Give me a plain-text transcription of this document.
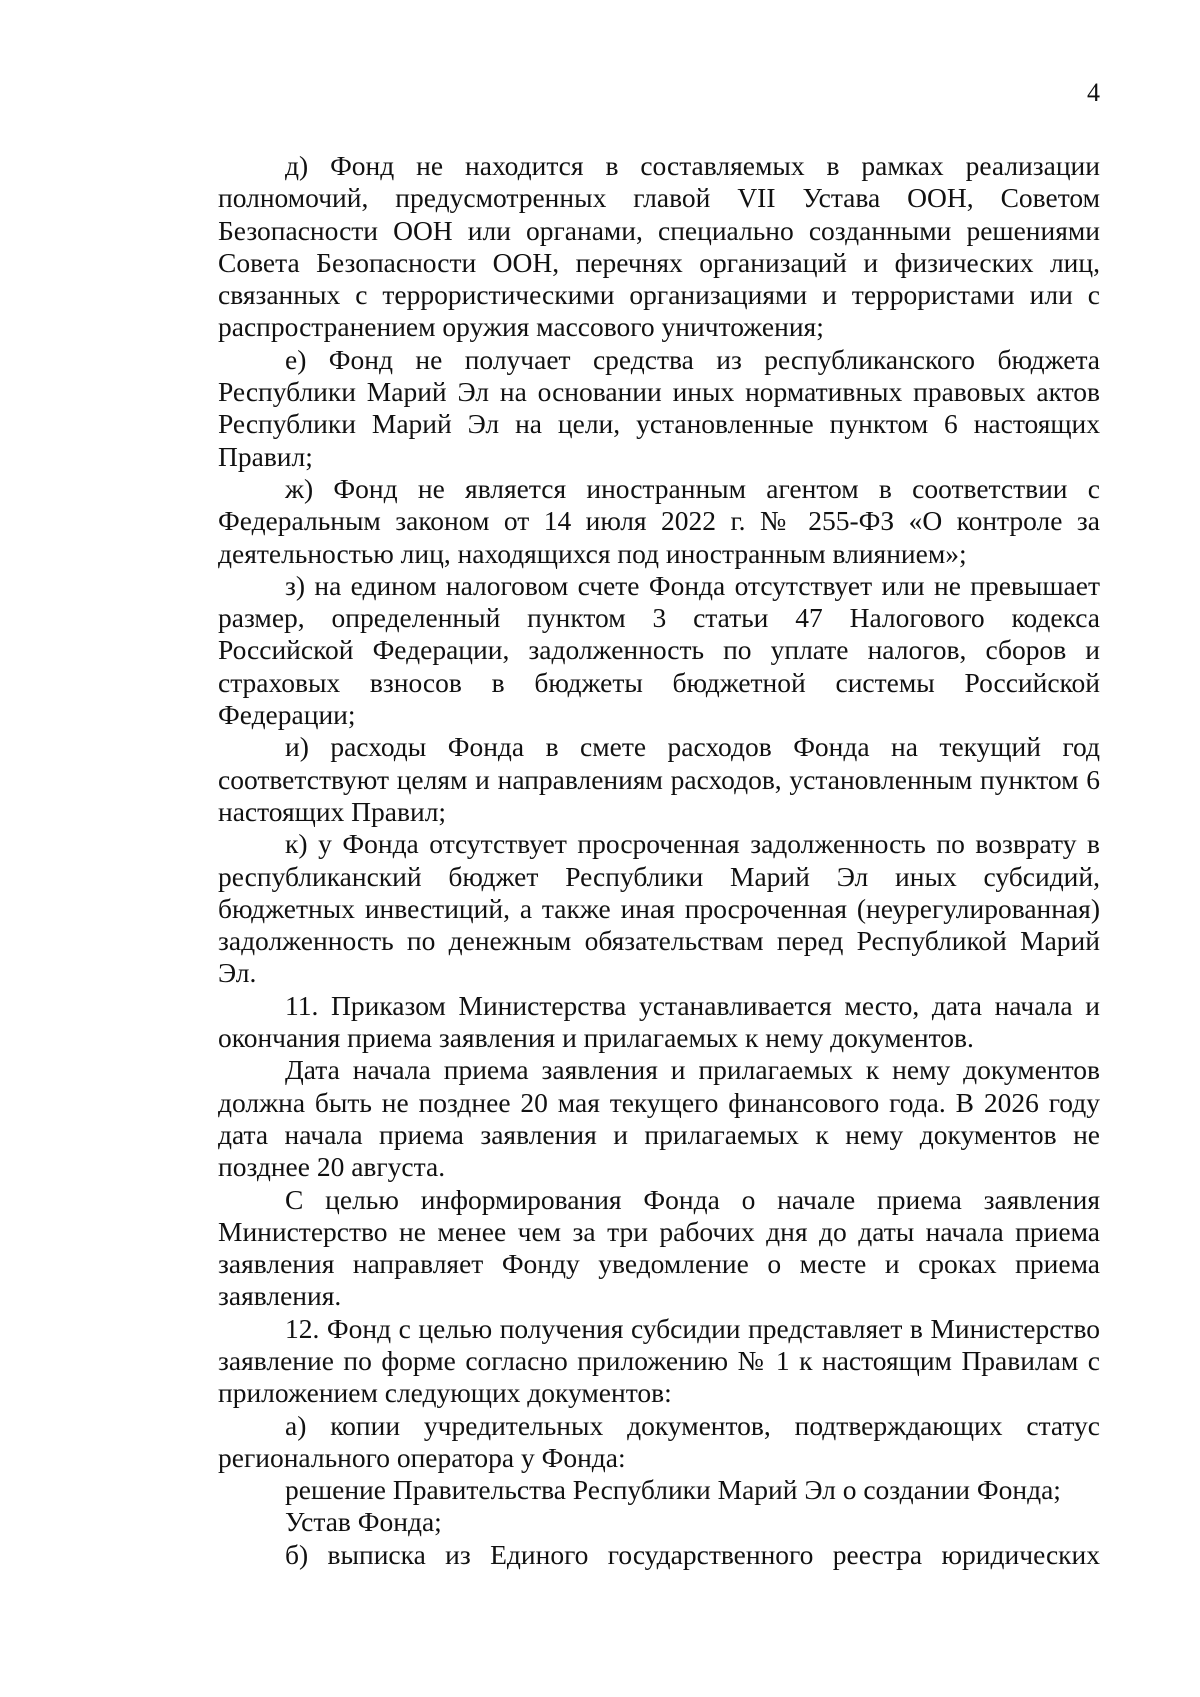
4

д) Фонд не находится в составляемых в рамках реализации полномочий, предусмотренных главой VII Устава ООН, Советом Безопасности ООН или органами, специально созданными решениями Совета Безопасности ООН, перечнях организаций и физических лиц, связанных с террористическими организациями и террористами или с распространением оружия массового уничтожения;

е) Фонд не получает средства из республиканского бюджета Республики Марий Эл на основании иных нормативных правовых актов Республики Марий Эл на цели, установленные пунктом 6 настоящих Правил;

ж) Фонд не является иностранным агентом в соответствии с Федеральным законом от 14 июля 2022 г. № 255-ФЗ «О контроле за деятельностью лиц, находящихся под иностранным влиянием»;

з) на едином налоговом счете Фонда отсутствует или не превышает размер, определенный пунктом 3 статьи 47 Налогового кодекса Российской Федерации, задолженность по уплате налогов, сборов и страховых взносов в бюджеты бюджетной системы Российской Федерации;

и) расходы Фонда в смете расходов Фонда на текущий год соответствуют целям и направлениям расходов, установленным пунктом 6 настоящих Правил;

к) у Фонда отсутствует просроченная задолженность по возврату в республиканский бюджет Республики Марий Эл иных субсидий, бюджетных инвестиций, а также иная просроченная (неурегулированная) задолженность по денежным обязательствам перед Республикой Марий Эл.

11. Приказом Министерства устанавливается место, дата начала и окончания приема заявления и прилагаемых к нему документов.

Дата начала приема заявления и прилагаемых к нему документов должна быть не позднее 20 мая текущего финансового года. В 2026 году дата начала приема заявления и прилагаемых к нему документов не позднее 20 августа.

С целью информирования Фонда о начале приема заявления Министерство не менее чем за три рабочих дня до даты начала приема заявления направляет Фонду уведомление о месте и сроках приема заявления.

12. Фонд с целью получения субсидии представляет в Министерство заявление по форме согласно приложению № 1 к настоящим Правилам с приложением следующих документов:

а) копии учредительных документов, подтверждающих статус регионального оператора у Фонда:

решение Правительства Республики Марий Эл о создании Фонда;

Устав Фонда;

б) выписка из Единого государственного реестра юридических
